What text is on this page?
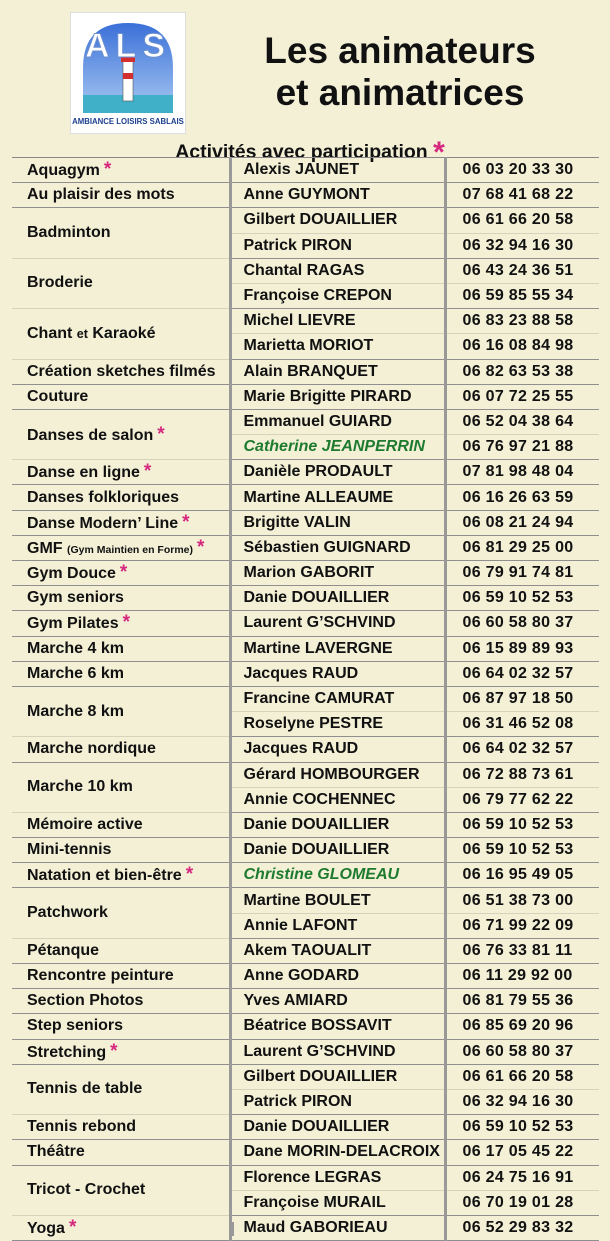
ALS
AMBIANCE LOISIRS SABLAIS
Les animateurs
et animatrices
Activités avec participation *
Aquagym *	Alexis JAUNET	06 03 20 33 30
Au plaisir des mots	Anne GUYMONT	07 68 41 68 22
Badminton	Gilbert DOUAILLIER	06 61 66 20 58
	Patrick PIRON	06 32 94 16 30
Broderie	Chantal RAGAS	06 43 24 36 51
	Françoise CREPON	06 59 85 55 34
Chant et Karaoké	Michel LIEVRE	06 83 23 88 58
	Marietta MORIOT	06 16 08 84 98
Création sketches filmés	Alain BRANQUET	06 82 63 53 38
Couture	Marie Brigitte PIRARD	06 07 72 25 55
Danses de salon *	Emmanuel GUIARD	06 52 04 38 64
	Catherine JEANPERRIN	06 76 97 21 88
Danse en ligne *	Danièle PRODAULT	07 81 98 48 04
Danses folkloriques	Martine ALLEAUME	06 16 26 63 59
Danse Modern’ Line *	Brigitte VALIN	06 08 21 24 94
GMF (Gym Maintien en Forme) *	Sébastien GUIGNARD	06 81 29 25 00
Gym Douce *	Marion GABORIT	06 79 91 74 81
Gym seniors	Danie DOUAILLIER	06 59 10 52 53
Gym Pilates *	Laurent G’SCHVIND	06 60 58 80 37
Marche 4 km	Martine LAVERGNE	06 15 89 89 93
Marche 6 km	Jacques RAUD	06 64 02 32 57
Marche 8 km	Francine CAMURAT	06 87 97 18 50
	Roselyne PESTRE	06 31 46 52 08
Marche nordique	Jacques RAUD	06 64 02 32 57
Marche 10 km	Gérard HOMBOURGER	06 72 88 73 61
	Annie COCHENNEC	06 79 77 62 22
Mémoire active	Danie DOUAILLIER	06 59 10 52 53
Mini-tennis	Danie DOUAILLIER	06 59 10 52 53
Natation et bien-être *	Christine GLOMEAU	06 16 95 49 05
Patchwork	Martine BOULET	06 51 38 73 00
	Annie LAFONT	06 71 99 22 09
Pétanque	Akem TAOUALIT	06 76 33 81 11
Rencontre peinture	Anne GODARD	06 11 29 92 00
Section Photos	Yves AMIARD	06 81 79 55 36
Step seniors	Béatrice BOSSAVIT	06 85 69 20 96
Stretching *	Laurent G’SCHVIND	06 60 58 80 37
Tennis de table	Gilbert DOUAILLIER	06 61 66 20 58
	Patrick PIRON	06 32 94 16 30
Tennis rebond	Danie DOUAILLIER	06 59 10 52 53
Théâtre	Dane MORIN-DELACROIX	06 17 05 45 22
Tricot - Crochet	Florence LEGRAS	06 24 75 16 91
	Françoise MURAIL	06 70 19 01 28
Yoga *	Maud GABORIEAU	06 52 29 83 32
